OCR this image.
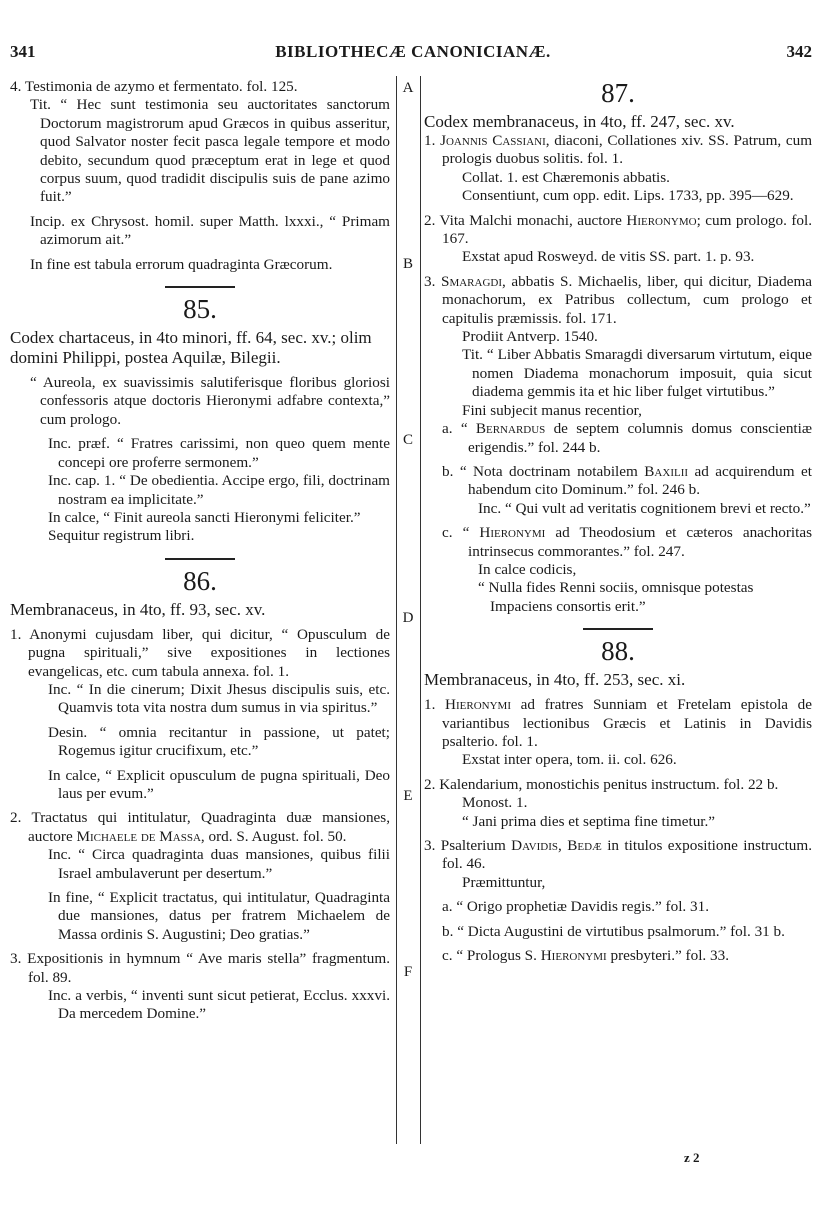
BIBLIOTHECÆ CANONICIANÆ.
341	342
A
B
C
D
E
F

4. Testimonia de azymo et fermentato. fol. 125.

Tit. “ Hec sunt testimonia seu auctoritates sanctorum Doctorum magistrorum apud Græcos in quibus asseritur, quod Salvator noster fecit pasca legale tempore et modo debito, secundum quod præceptum erat in lege et quod corpus suum, quod tradidit discipulis suis de pane azimo fuit.”

Incip. ex Chrysost. homil. super Matth. lxxxi., “ Primam azimorum ait.”

In fine est tabula errorum quadraginta Græcorum.

85.

Codex chartaceus, in 4to minori, ff. 64, sec. xv.; olim domini Philippi, postea Aquilæ, Bilegii.

“ Aureola, ex suavissimis salutiferisque floribus gloriosi confessoris atque doctoris Hieronymi adfabre contexta,” cum prologo.

Inc. præf. “ Fratres carissimi, non queo quem mente concepi ore proferre sermonem.”

Inc. cap. 1. “ De obedientia. Accipe ergo, fili, doctrinam nostram ea implicitate.”

In calce, “ Finit aureola sancti Hieronymi feliciter.”

Sequitur registrum libri.

86.

Membranaceus, in 4to, ff. 93, sec. xv.

1. Anonymi cujusdam liber, qui dicitur, “ Opusculum de pugna spirituali,” sive expositiones in lectiones evangelicas, etc. cum tabula annexa. fol. 1.

Inc. “ In die cinerum; Dixit Jhesus discipulis suis, etc. Quamvis tota vita nostra dum sumus in via spiritus.”

Desin. “ omnia recitantur in passione, ut patet; Rogemus igitur crucifixum, etc.”

In calce, “ Explicit opusculum de pugna spirituali, Deo laus per evum.”

2. Tractatus qui intitulatur, Quadraginta duæ mansiones, auctore Michaele de Massa, ord. S. August. fol. 50.

Inc. “ Circa quadraginta duas mansiones, quibus filii Israel ambulaverunt per desertum.”

In fine, “ Explicit tractatus, qui intitulatur, Quadraginta due mansiones, datus per fratrem Michaelem de Massa ordinis S. Augustini; Deo gratias.”

3. Expositionis in hymnum “ Ave maris stella” fragmentum. fol. 89.

Inc. a verbis, “ inventi sunt sicut petierat, Ecclus. xxxvi. Da mercedem Domine.”

87.

Codex membranaceus, in 4to, ff. 247, sec. xv.

1. Joannis Cassiani, diaconi, Collationes xiv. SS. Patrum, cum prologis duobus solitis. fol. 1.

Collat. 1. est Chæremonis abbatis.

Consentiunt, cum opp. edit. Lips. 1733, pp. 395—629.

2. Vita Malchi monachi, auctore Hieronymo; cum prologo. fol. 167.

Exstat apud Rosweyd. de vitis SS. part. 1. p. 93.

3. Smaragdi, abbatis S. Michaelis, liber, qui dicitur, Diadema monachorum, ex Patribus collectum, cum prologo et capitulis præmissis. fol. 171.

Prodiit Antverp. 1540.

Tit. “ Liber Abbatis Smaragdi diversarum virtutum, eique nomen Diadema monachorum imposuit, quia sicut diadema gemmis ita et hic liber fulget virtutibus.”

Fini subjecit manus recentior,

a. “ Bernardus de septem columnis domus conscientiæ erigendis.” fol. 244 b.

b. “ Nota doctrinam notabilem Baxilii ad acquirendum et habendum cito Dominum.” fol. 246 b.

Inc. “ Qui vult ad veritatis cognitionem brevi et recto.”

c. “ Hieronymi ad Theodosium et cæteros anachoritas intrinsecus commorantes.” fol. 247.

In calce codicis,

“ Nulla fides Renni sociis, omnisque potestas

Impaciens consortis erit.”

88.

Membranaceus, in 4to, ff. 253, sec. xi.

1. Hieronymi ad fratres Sunniam et Fretelam epistola de variantibus lectionibus Græcis et Latinis in Davidis psalterio. fol. 1.

Exstat inter opera, tom. ii. col. 626.

2. Kalendarium, monostichis penitus instructum. fol. 22 b.

Monost. 1.

“ Jani prima dies et septima fine timetur.”

3. Psalterium Davidis, Bedæ in titulos expositione instructum. fol. 46.

Præmittuntur,

a. “ Origo prophetiæ Davidis regis.” fol. 31.

b. “ Dicta Augustini de virtutibus psalmorum.” fol. 31 b.

c. “ Prologus S. Hieronymi presbyteri.” fol. 33.

z 2
